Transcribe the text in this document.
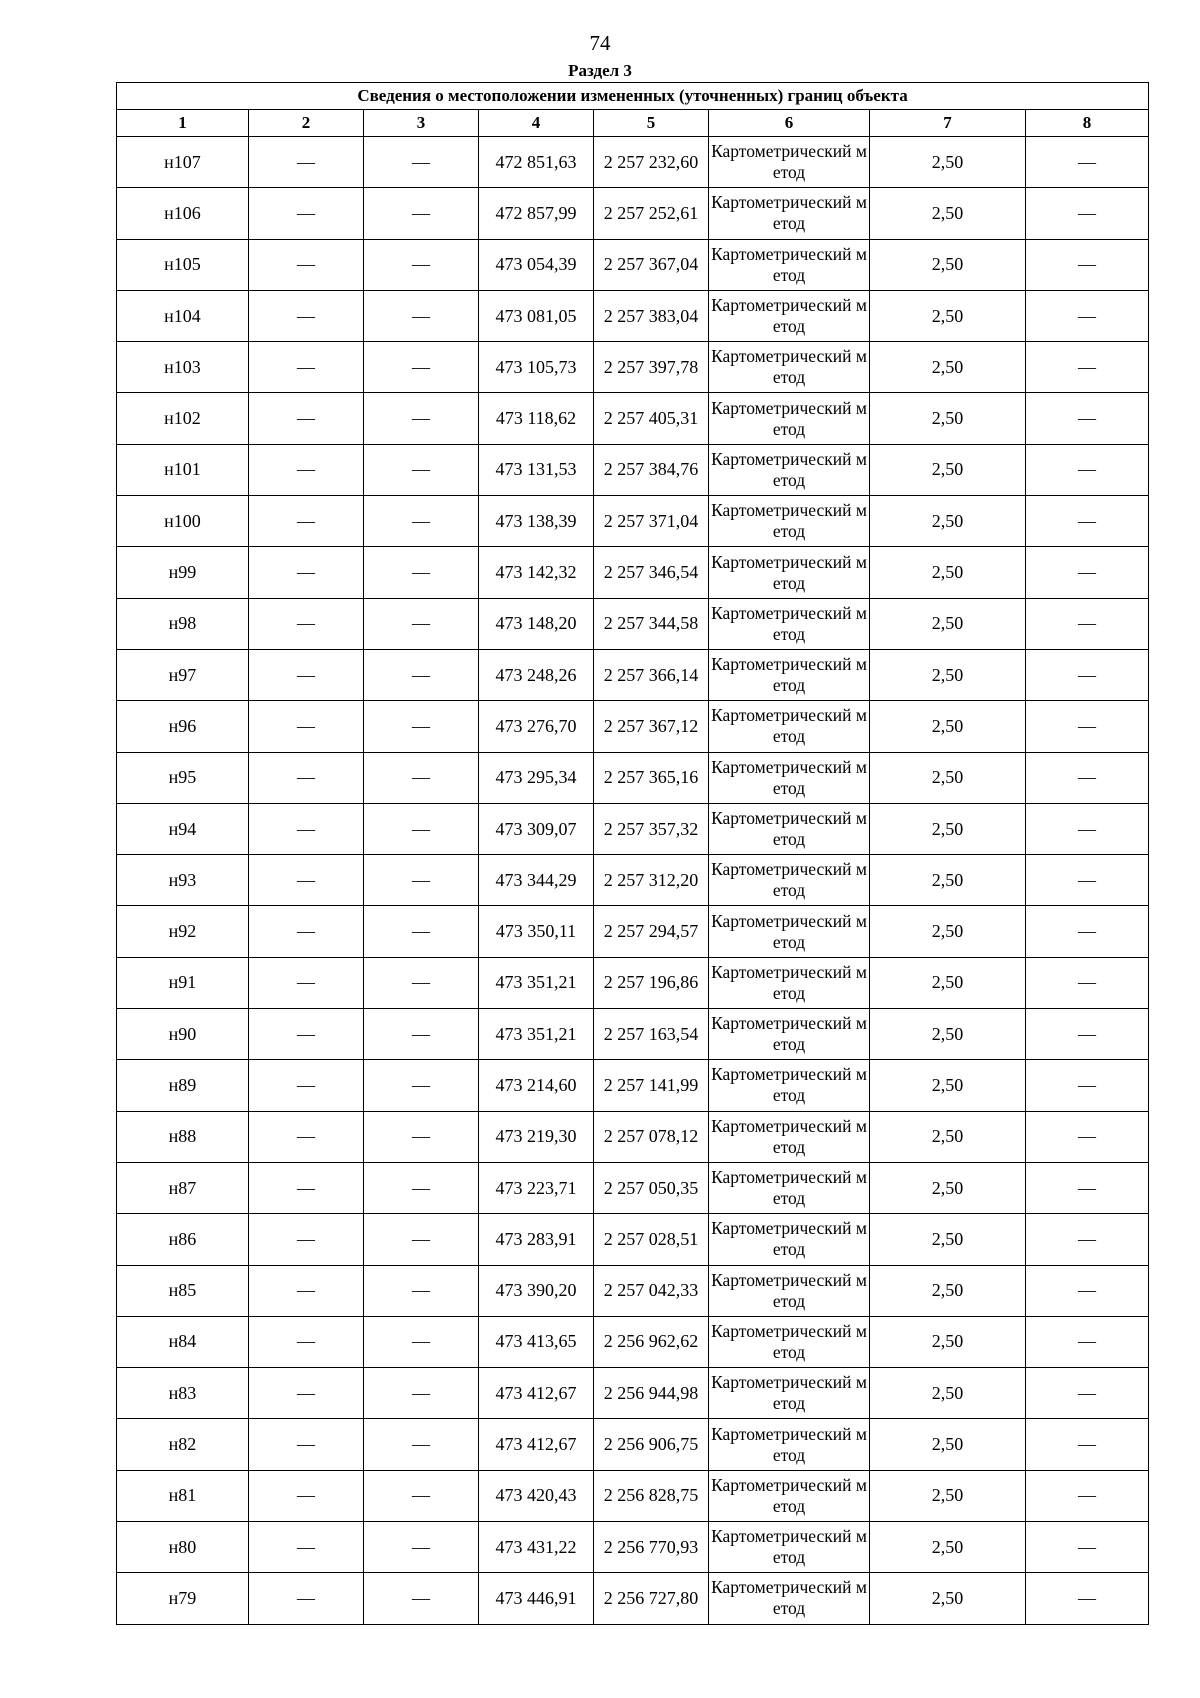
74
Раздел 3
Сведения о местоположении измененных (уточненных) границ объекта							
1	2	3	4	5	6	7	8
н107	—	—	472 851,63	2 257 232,60	Картометрический метод	2,50	—
н106	—	—	472 857,99	2 257 252,61	Картометрический метод	2,50	—
н105	—	—	473 054,39	2 257 367,04	Картометрический метод	2,50	—
н104	—	—	473 081,05	2 257 383,04	Картометрический метод	2,50	—
н103	—	—	473 105,73	2 257 397,78	Картометрический метод	2,50	—
н102	—	—	473 118,62	2 257 405,31	Картометрический метод	2,50	—
н101	—	—	473 131,53	2 257 384,76	Картометрический метод	2,50	—
н100	—	—	473 138,39	2 257 371,04	Картометрический метод	2,50	—
н99	—	—	473 142,32	2 257 346,54	Картометрический метод	2,50	—
н98	—	—	473 148,20	2 257 344,58	Картометрический метод	2,50	—
н97	—	—	473 248,26	2 257 366,14	Картометрический метод	2,50	—
н96	—	—	473 276,70	2 257 367,12	Картометрический метод	2,50	—
н95	—	—	473 295,34	2 257 365,16	Картометрический метод	2,50	—
н94	—	—	473 309,07	2 257 357,32	Картометрический метод	2,50	—
н93	—	—	473 344,29	2 257 312,20	Картометрический метод	2,50	—
н92	—	—	473 350,11	2 257 294,57	Картометрический метод	2,50	—
н91	—	—	473 351,21	2 257 196,86	Картометрический метод	2,50	—
н90	—	—	473 351,21	2 257 163,54	Картометрический метод	2,50	—
н89	—	—	473 214,60	2 257 141,99	Картометрический метод	2,50	—
н88	—	—	473 219,30	2 257 078,12	Картометрический метод	2,50	—
н87	—	—	473 223,71	2 257 050,35	Картометрический метод	2,50	—
н86	—	—	473 283,91	2 257 028,51	Картометрический метод	2,50	—
н85	—	—	473 390,20	2 257 042,33	Картометрический метод	2,50	—
н84	—	—	473 413,65	2 256 962,62	Картометрический метод	2,50	—
н83	—	—	473 412,67	2 256 944,98	Картометрический метод	2,50	—
н82	—	—	473 412,67	2 256 906,75	Картометрический метод	2,50	—
н81	—	—	473 420,43	2 256 828,75	Картометрический метод	2,50	—
н80	—	—	473 431,22	2 256 770,93	Картометрический метод	2,50	—
н79	—	—	473 446,91	2 256 727,80	Картометрический метод	2,50	—
